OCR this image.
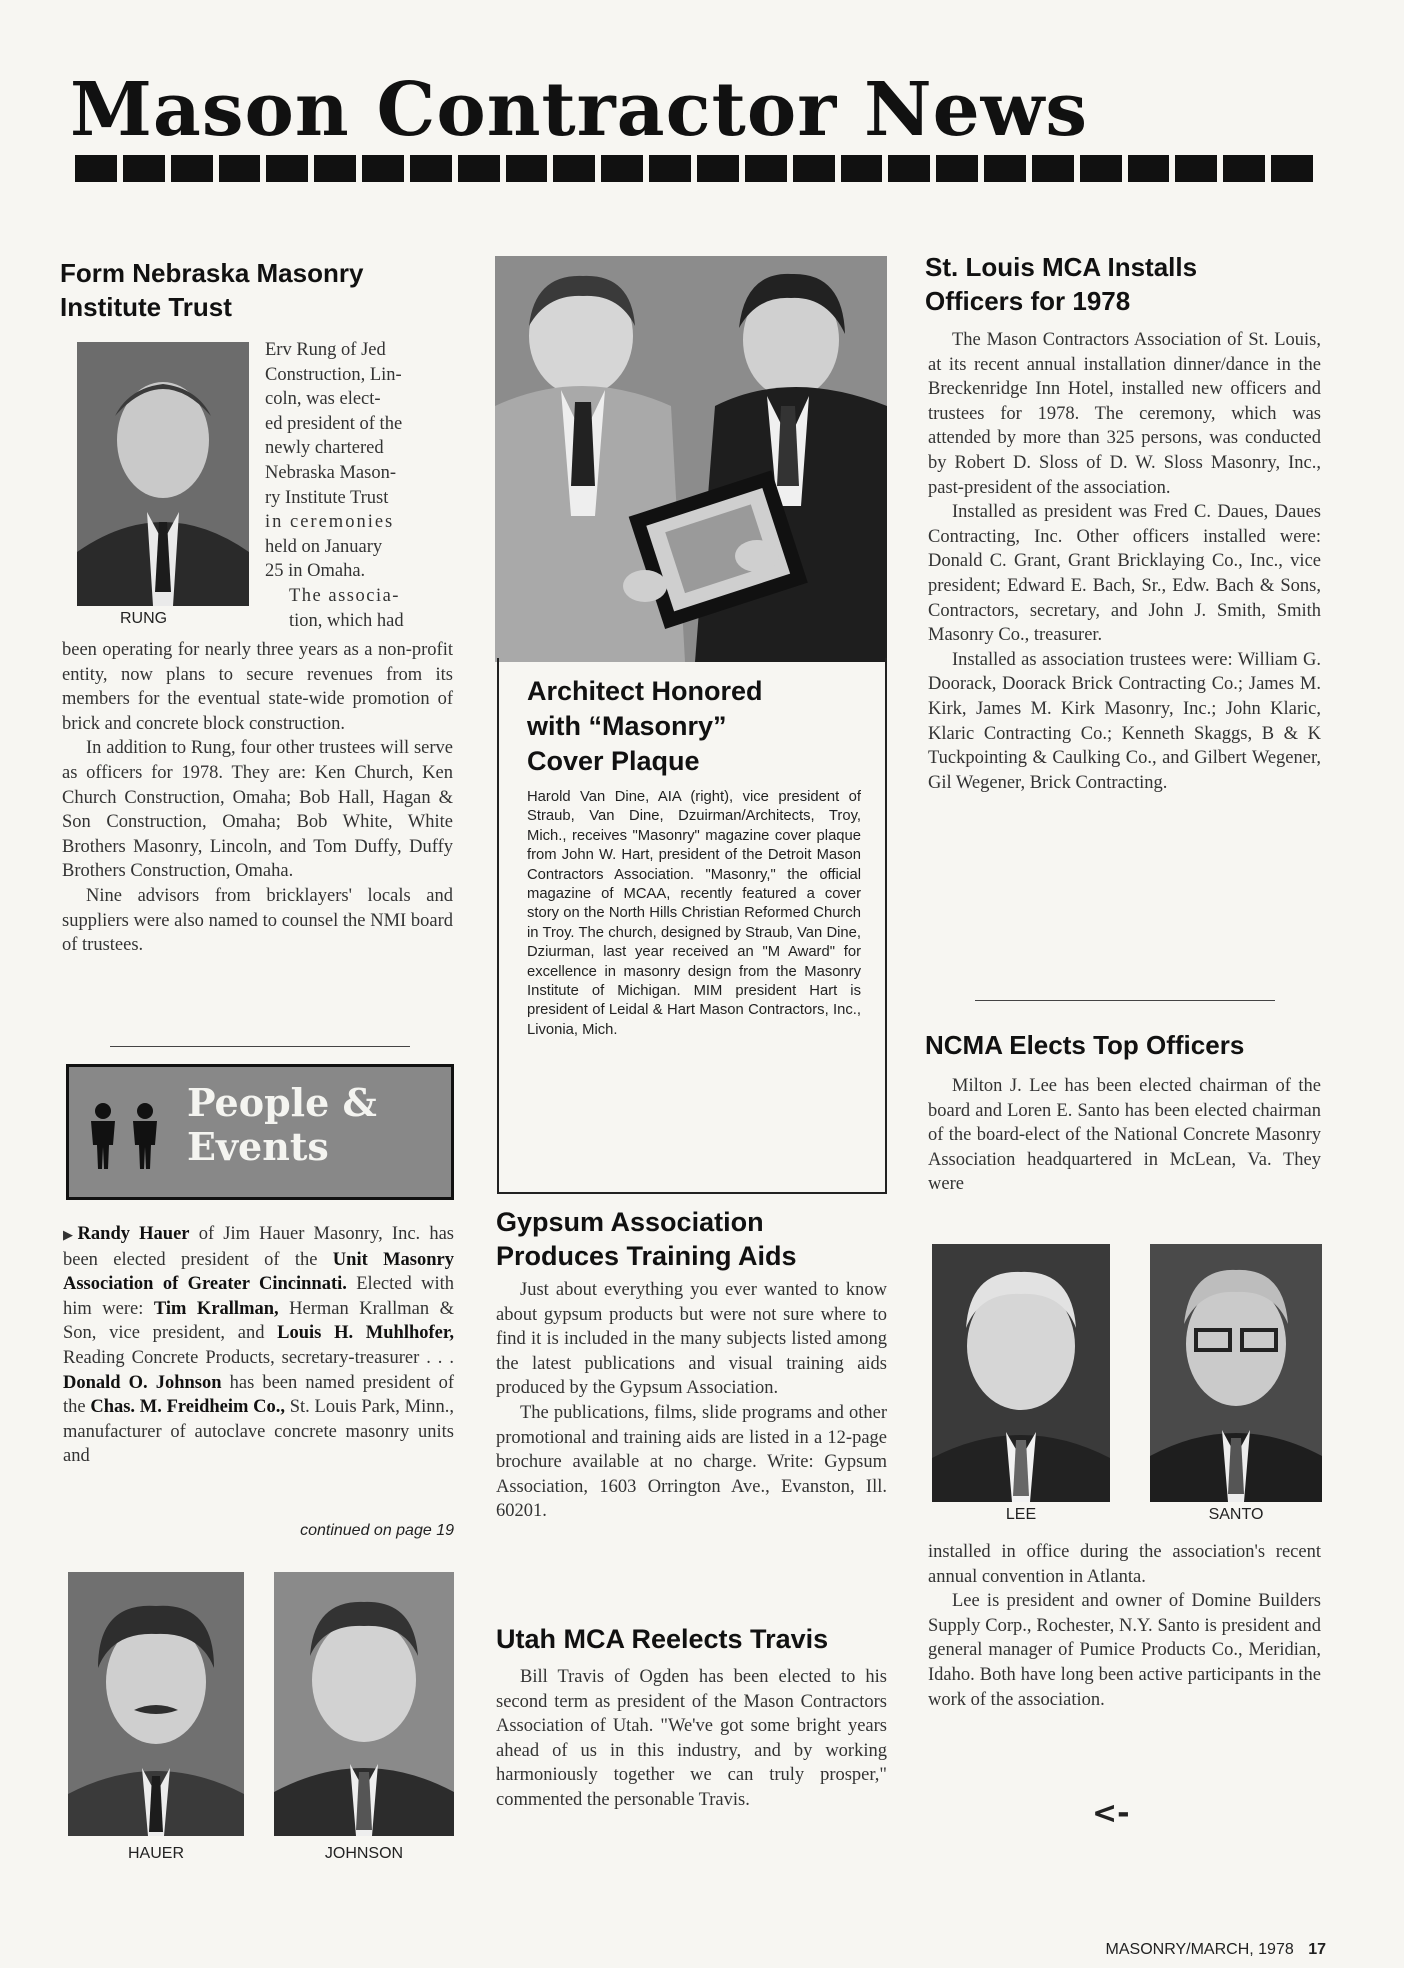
Mason Contractor News
Form Nebraska Masonry Institute Trust
RUNG
Erv Rung of Jed
Construction, Lin-
coln, was elect-
ed president of the
newly chartered
Nebraska Mason-
ry Institute Trust
in ceremonies
held on January
25 in Omaha.
The associa-
tion, which had

been operating for nearly three years as a non-profit entity, now plans to secure revenues from its members for the eventual state-wide promotion of brick and concrete block construction.

In addition to Rung, four other trustees will serve as officers for 1978. They are: Ken Church, Ken Church Construction, Omaha; Bob Hall, Hagan & Son Construction, Omaha; Bob White, White Brothers Masonry, Lincoln, and Tom Duffy, Duffy Brothers Construction, Omaha.

Nine advisors from bricklayers' locals and suppliers were also named to counsel the NMI board of trustees.

People &
Events

▶Randy Hauer of Jim Hauer Masonry, Inc. has been elected president of the Unit Masonry Association of Greater Cincinnati. Elected with him were: Tim Krallman, Herman Krallman & Son, vice president, and Louis H. Muhlhofer, Reading Concrete Products, secretary-treasurer . . . Donald O. Johnson has been named president of the Chas. M. Freidheim Co., St. Louis Park, Minn., manufacturer of autoclave concrete masonry units and

continued on page 19
HAUER	JOHNSON
Architect Honored
with “Masonry”
Cover Plaque
Harold Van Dine, AIA (right), vice president of Straub, Van Dine, Dzuirman/Architects, Troy, Mich., receives "Masonry" magazine cover plaque from John W. Hart, president of the Detroit Mason Contractors Association. "Masonry," the official magazine of MCAA, recently featured a cover story on the North Hills Christian Reformed Church in Troy. The church, designed by Straub, Van Dine, Dziurman, last year received an "M Award" for excellence in masonry design from the Masonry Institute of Michigan. MIM president Hart is president of Leidal & Hart Mason Contractors, Inc., Livonia, Mich.
Gypsum Association
Produces Training Aids

Just about everything you ever wanted to know about gypsum products but were not sure where to find it is included in the many subjects listed among the latest publications and visual training aids produced by the Gypsum Association.

The publications, films, slide programs and other promotional and training aids are listed in a 12-page brochure available at no charge. Write: Gypsum Association, 1603 Orrington Ave., Evanston, Ill. 60201.

Utah MCA Reelects Travis

Bill Travis of Ogden has been elected to his second term as president of the Mason Contractors Association of Utah. "We've got some bright years ahead of us in this industry, and by working harmoniously together we can truly prosper," commented the personable Travis.

St. Louis MCA Installs
Officers for 1978

The Mason Contractors Association of St. Louis, at its recent annual installation dinner/dance in the Breckenridge Inn Hotel, installed new officers and trustees for 1978. The ceremony, which was attended by more than 325 persons, was conducted by Robert D. Sloss of D. W. Sloss Masonry, Inc., past-president of the association.

Installed as president was Fred C. Daues, Daues Contracting, Inc. Other officers installed were: Donald C. Grant, Grant Bricklaying Co., Inc., vice president; Edward E. Bach, Sr., Edw. Bach & Sons, Contractors, secretary, and John J. Smith, Smith Masonry Co., treasurer.

Installed as association trustees were: William G. Doorack, Doorack Brick Contracting Co.; James M. Kirk, James M. Kirk Masonry, Inc.; John Klaric, Klaric Contracting Co.; Kenneth Skaggs, B & K Tuckpointing & Caulking Co., and Gilbert Wegener, Gil Wegener, Brick Contracting.

NCMA Elects Top Officers

Milton J. Lee has been elected chairman of the board and Loren E. Santo has been elected chairman of the board-elect of the National Concrete Masonry Association headquartered in McLean, Va. They were

LEE	SANTO

installed in office during the association's recent annual convention in Atlanta.

Lee is president and owner of Domine Builders Supply Corp., Rochester, N.Y. Santo is president and general manager of Pumice Products Co., Meridian, Idaho. Both have long been active participants in the work of the association.

<-
MASONRY/MARCH, 1978 17
